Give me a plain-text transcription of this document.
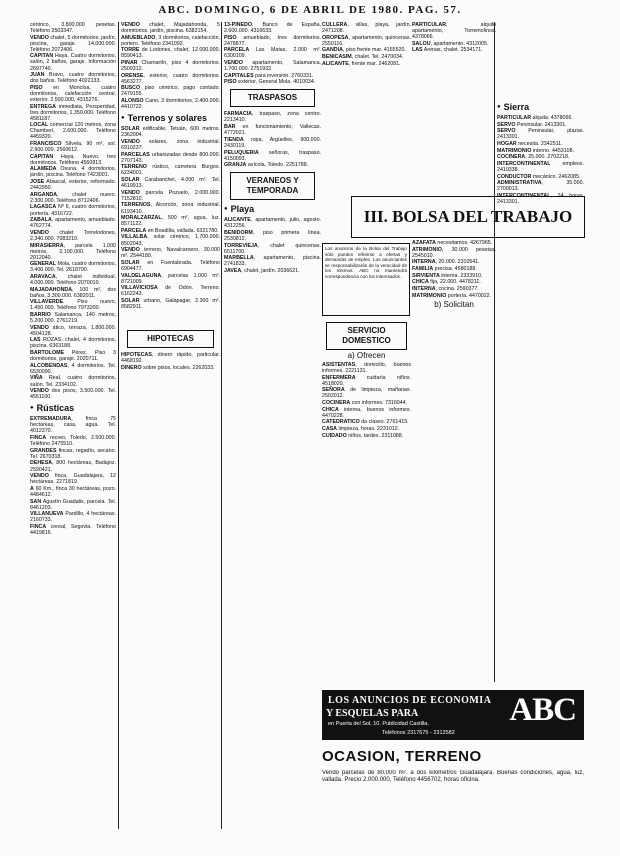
ABC. DOMINGO, 6 DE ABRIL DE 1980. PAG. 57.

céntrico, 3.800.000 pesetas. Teléfono 2503347.

VENDO chalet, 5 dormitorios, jardín, piscina, garaje. 14.000.000. Teléfono 2072406.

CAPITAN Haya. Cuatro dormitorios, salón, 2 baños, garaje. Información 2697740.

JUAN Bravo, cuatro dormitorios, dos baños. Teléfono 4022133.

PISO en Moncloa, cuatro dormitorios, calefacción central, exterior. 2.500.000. 4315276.

ENTREGA inmediata, Prosperidad, tres dormitorios, 1.350.000. Teléfono 4581187.

LOCAL comercial 120 metros, zona Chamberí, 2.600.000. Teléfono 4459320.

FRANCISCO Silvela, 90 m², sol. 2.900.000. 2560612.

CAPITAN Haya. Nuevo, tres dormitorios. Teléfono 4560813.

ALAMEDA Osuna. 4 dormitorios, jardín, piscina. Teléfono 7423001.

JOSE Abascal, exterior, reformado. 2442950.

ARGANDA, chalet nuevo. 2.300.000. Teléfono 8712406.

LAGASCA Nº 6, cuatro dormitorios, portería. 4316722.

ZABALA, apartamento, amueblado. 4762774.

VENDO chalet Torrelodones, 2.340.000. 7083210.

MIRASIERRA, parcela 1.000 metros, 2.100.000. Teléfono 2012040.

GENERAL Mola, cuatro dormitorios, 3.400.000. Tel. 2618700.

ARAVACA, chalet individual, 4.000.000. Teléfono 2070010.

MAJADAHONDA, 100 m², dos baños, 3.300.000. 6382011.

VILLAVERDE. Piso nuevo, 1.450.000. Teléfono 7973200.

BARRIO Salamanca, 140 metros, 5.200.000. 2761219.

VENDO ático, terraza, 1.800.000. 4504128.

LAS ROZAS, chalet, 4 dormitorios, piscina. 6363188.

BARTOLOME Pérez. Piso 3 dormitorios, garaje. 2020711.

ALCOBENDAS, 4 dormitorios. Tel. 6530090.

VIÑA Real, cuatro dormitorios, salón. Tel. 2334102.

VENDO dos pisos, 3.500.000. Tel. 4561100.

● Rústicas

EXTREMADURA, finca 75 hectáreas, casa, agua. Tel. 4012370.

FINCA recreo, Toledo, 2.500.000. Teléfono 2475510.

GRANDES fincas, regadío, secano. Tel. 2670318.

DEHESA, 800 hectáreas, Badajoz. 2590421.

VENDO finca, Guadalajara, 12 hectáreas. 2271819.

A 60 Km., finca 30 hectáreas, pozo. 4484612.

SAN Agustín Guadalix, parcela. Tel. 8461203.

VILLANUEVA Pardillo, 4 hectáreas. 2160733.

FINCA cereal, Segovia. Teléfono 4419816.

VENDO chalet, Majadahonda, 5 dormitorios, jardín, piscina. 6382154.

AMUEBLADO, 3 dormitorios, calefacción, portero. Teléfono 2341092.

TORRE de Lodones, chalet, 12.000.000. 8590413.

PINAR Chamartín, piso 4 dormitorios. 2509312.

ORENSE, exterior, cuatro dormitorios. 4563277.

BUSCO piso céntrico, pago contado. 2479155.

ALONSO Cano, 3 dormitorios, 2.400.000. 4410722.

● Terrenos y solares

SOLAR edificable, Tetuán, 600 metros. 2362004.

VENDO solares, zona industrial. 6910237.

PARCELAS urbanizadas desde 800.000. 2707143.

TERRENO rústico, carretera Burgos. 6234001.

SOLAR Carabanchel, 4.000 m². Tel. 4619913.

VENDO parcela Pozuelo, 2.000.000. 7152810.

TERRENOS, Alcorcón, zona industrial. 6193410.

MORALZARZAL, 500 m², agua, luz. 8571122.

PARCELA en Boadilla, vallada. 6321780.

VILLALBA, solar céntrico, 1.700.000. 8502043.

VENDO terreno, Navalcarnero, 30.000 m². 2544180.

SOLAR en Fuenlabrada. Teléfono 6904477.

VALDELAGUNA, parcelas 1.000 m². 8721009.

VILLAVICIOSA de Odón. Terreno. 6162243.

SOLAR urbano, Galapagar, 2.300 m². 8582911.

HIPOTECAS

HIPOTECAS, dinero rápido, particular. 4468192.

DINERO sobre pisos, locales. 2262033.

13-PINEDO, Banco de España, 2.600.000. 4316633.

PISO amueblado, tres dormitorios. 2478877.

PARCELA Las Matas, 2.000 m². 6300109.

VENDO apartamento, Salamanca, 1.700.000. 2751932.

CAPITALES para inversión. 2760331.

PISO exterior, General Mola. 4010034.

TRASPASOS

FARMACIA, traspaso, zona centro. 2213410.

BAR en funcionamiento, Vallecas. 4772021.

TIENDA ropa, Argüelles, 900.000. 2430119.

PELUQUERIA señoras, traspaso. 4150093.

GRANJA avícola, Toledo. 2251788.

VERANEOS Y TEMPORADA
● Playa

ALICANTE, apartamento, julio, agosto. 4312256.

BENIDORM, piso primera línea. 2530812.

TORREVIEJA, chalet quincenas. 6511700.

MARBELLA, apartamento, piscina. 2741833.

JAVEA, chalet, jardín. 2036621.

CULLERA, villas, playa, jardín. 2471208.

OROPESA, apartamento, quincenas. 2550116.

GANDIA, piso frente mar. 4165520.

BENICASIM, chalet. Tel. 2470034.

ALICANTE, frente mar. 2462081.

PARTICULAR, alquilo apartamento, Torremolinos. 4378066.

SALOU, apartamento. 4312005.

LAS Arenas, chalet. 2534171.

● Sierra

PARTICULAR alquila. 4378066.

SERVO Peninsular. 2413301.

SERVO Peninsular, plazas. 2413301.

HOGAR necesita. 2342511.

MATRIMONIO interno. 4453108.

COCINERA, 25.000. 2702218.

INTERCONTINENTAL empleos. 2419338.

CONDUCTOR mecánico. 2462085.

ADMINISTRATIVA, 35.000. 2700013.

INTERCONTINENTAL, 24 horas. 2413301.

III. BOLSA DEL TRABAJO
Los anuncios de la Bolsa del Trabajo sólo pueden referirse a ofertas y demandas de empleo. Los anunciantes se responsabilizarán de la veracidad de los mismos. ABC no mantendrá correspondencia con los interesados.
SERVICIO DOMESTICO
a) Ofrecen

ASISTENTAS, domicilio, buenos informes. 2221131.

ENFERMERA cuidaría niños. 4518020.

SEÑORA de limpieza, mañanas. 2502012.

COCINERA con informes. 7316044.

CHICA interna, buenos informes. 4470228.

CATEDRATICO da clases. 2761415.

CASA limpieza, horas. 2231012.

CUIDADO niños, tardes. 2311088.

AZAFATA necesitamos. 4267965.

ATRIMONIO, 30.000 pesetas. 2545010.

INTERNA, 20.000. 2310541.

FAMILIA precisa. 4580188.

SIRVIENTA interna. 2333910.

CHICA fija, 22.000. 4478211.

INTERNA, cocina. 2590377.

MATRIMONIO portería. 4470022.

b) Solicitan
LOS ANUNCIOS DE ECONOMIA
Y ESQUELAS PARA	ABC
en Puerta del Sol, 10. Publicidad Castilla.
Teléfonos 2317675 - 2313582
OCASION, TERRENO
Vendo parcelas de 80.000 m². a dos kilómetros Guadalajara. Buenas condiciones, agua, luz, vallada. Precio 2.000.000. Teléfono 4456702, horas oficina.
